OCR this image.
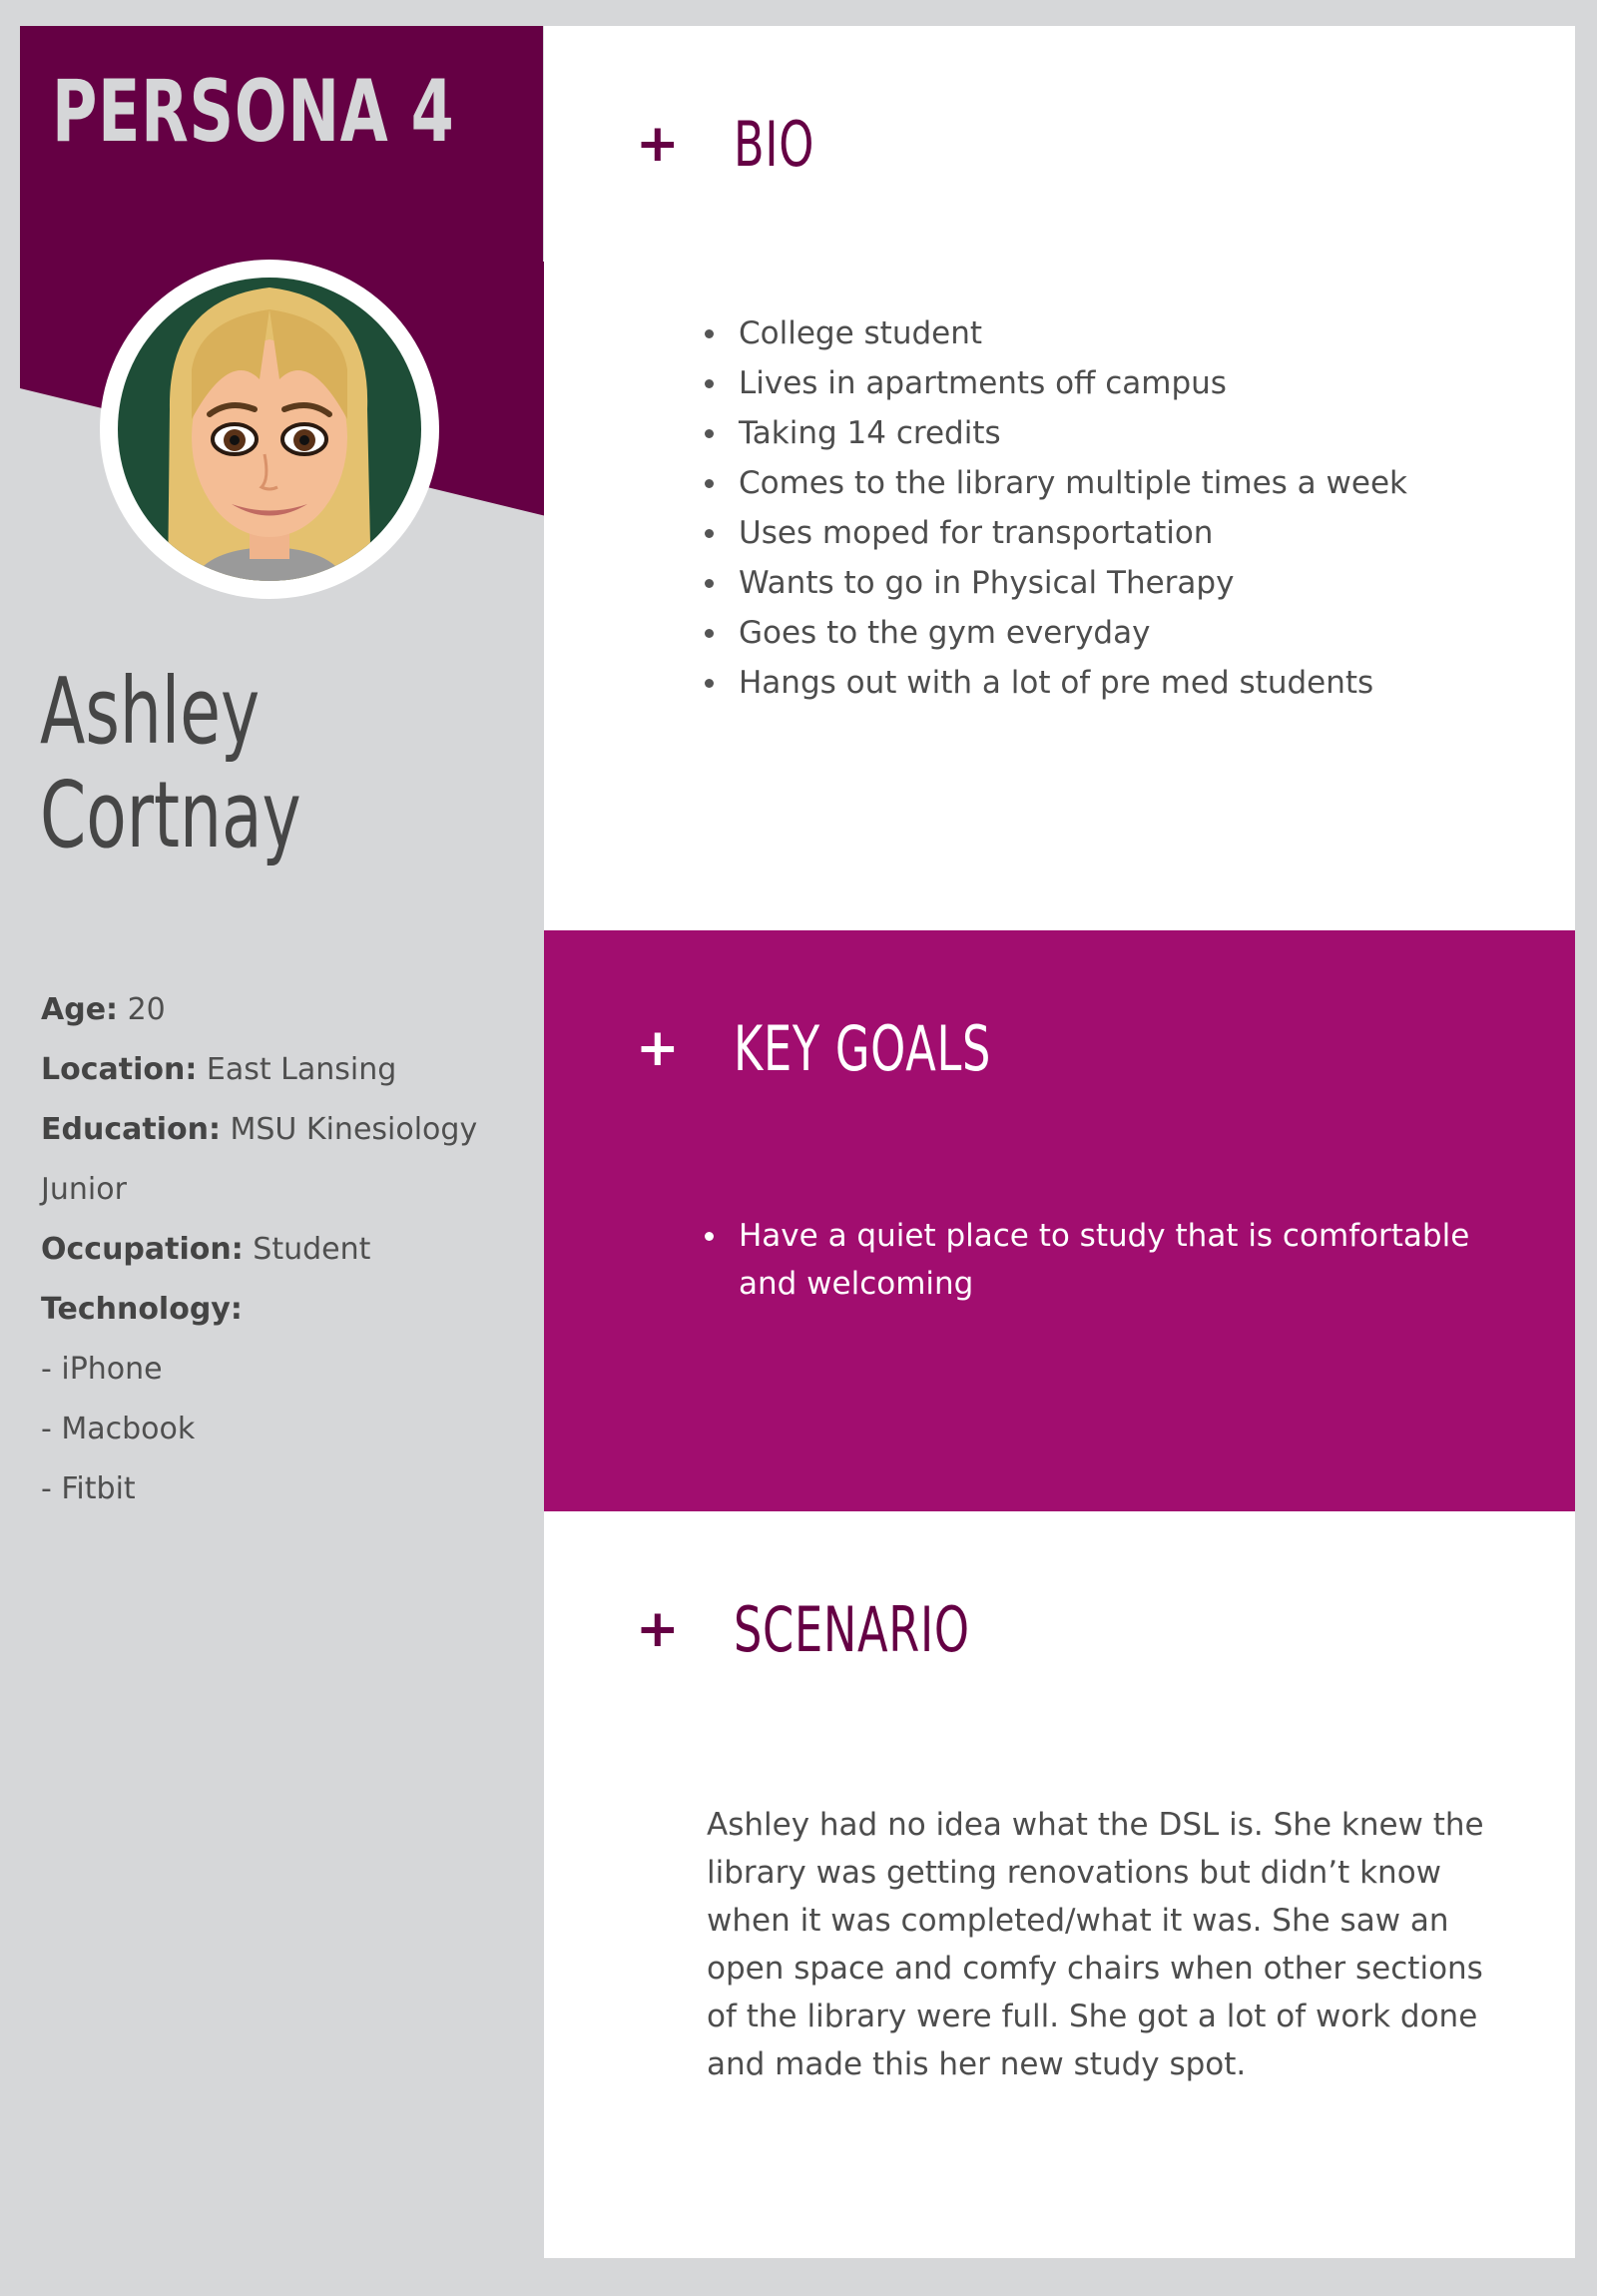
PERSONA 4
Ashley
Cortnay
Age: 20
Location: East Lansing
Education: MSU Kinesiology
Junior
Occupation: Student
Technology:
- iPhone
- Macbook
- Fitbit
+ BIO
College student
Lives in apartments off campus
Taking 14 credits
Comes to the library multiple times a week
Uses moped for transportation
Wants to go in Physical Therapy
Goes to the gym everyday
Hangs out with a lot of pre med students
+ KEY GOALS
Have a quiet place to study that is comfortable and welcoming
+ SCENARIO

Ashley had no idea what the DSL is. She knew the library was getting renovations but didn’t know when it was completed/what it was. She saw an open space and comfy chairs when other sections of the library were full. She got a lot of work done and made this her new study spot.
